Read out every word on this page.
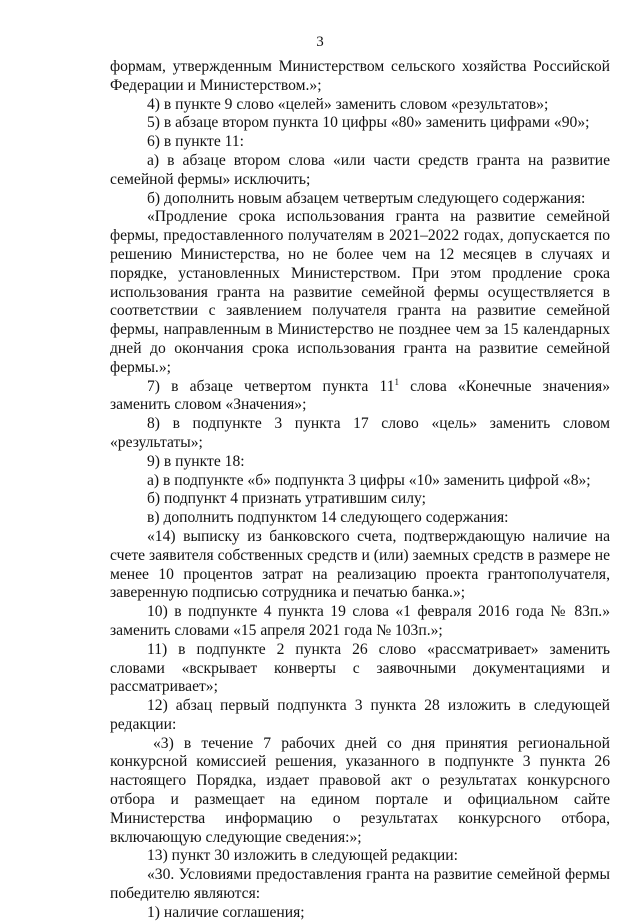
3

формам, утвержденным Министерством сельского хозяйства Российской Федерации и Министерством.»;

4) в пункте 9 слово «целей» заменить словом «результатов»;

5) в абзаце втором пункта 10 цифры «80» заменить цифрами «90»;

6) в пункте 11:

а) в абзаце втором слова «или части средств гранта на развитие семейной фермы» исключить;

б) дополнить новым абзацем четвертым следующего содержания:

«Продление срока использования гранта на развитие семейной фермы, предоставленного получателям в 2021–2022 годах, допускается по решению Министерства, но не более чем на 12 месяцев в случаях и порядке, установленных Министерством. При этом продление срока использования гранта на развитие семейной фермы осуществляется в соответствии с заявлением получателя гранта на развитие семейной фермы, направленным в Министерство не позднее чем за 15 календарных дней до окончания срока использования гранта на развитие семейной фермы.»;

7) в абзаце четвертом пункта $11^1$ слова «Конечные значения» заменить словом «Значения»;

8) в подпункте 3 пункта 17 слово «цель» заменить словом «результаты»;

9) в пункте 18:

а) в подпункте «б» подпункта 3 цифры «10» заменить цифрой «8»;

б) подпункт 4 признать утратившим силу;

в) дополнить подпунктом 14 следующего содержания:

«14) выписку из банковского счета, подтверждающую наличие на счете заявителя собственных средств и (или) заемных средств в размере не менее 10 процентов затрат на реализацию проекта грантополучателя, заверенную подписью сотрудника и печатью банка.»;

10) в подпункте 4 пункта 19 слова «1 февраля 2016 года № 83п.» заменить словами «15 апреля 2021 года № 103п.»;

11) в подпункте 2 пункта 26 слово «рассматривает» заменить словами «вскрывает конверты с заявочными документациями и рассматривает»;

12) абзац первый подпункта 3 пункта 28 изложить в следующей редакции:

«3) в течение 7 рабочих дней со дня принятия региональной конкурсной комиссией решения, указанного в подпункте 3 пункта 26 настоящего Порядка, издает правовой акт о результатах конкурсного отбора и размещает на едином портале и официальном сайте Министерства информацию о результатах конкурсного отбора, включающую следующие сведения:»;

13) пункт 30 изложить в следующей редакции:

«30. Условиями предоставления гранта на развитие семейной фермы победителю являются:

1) наличие соглашения;
